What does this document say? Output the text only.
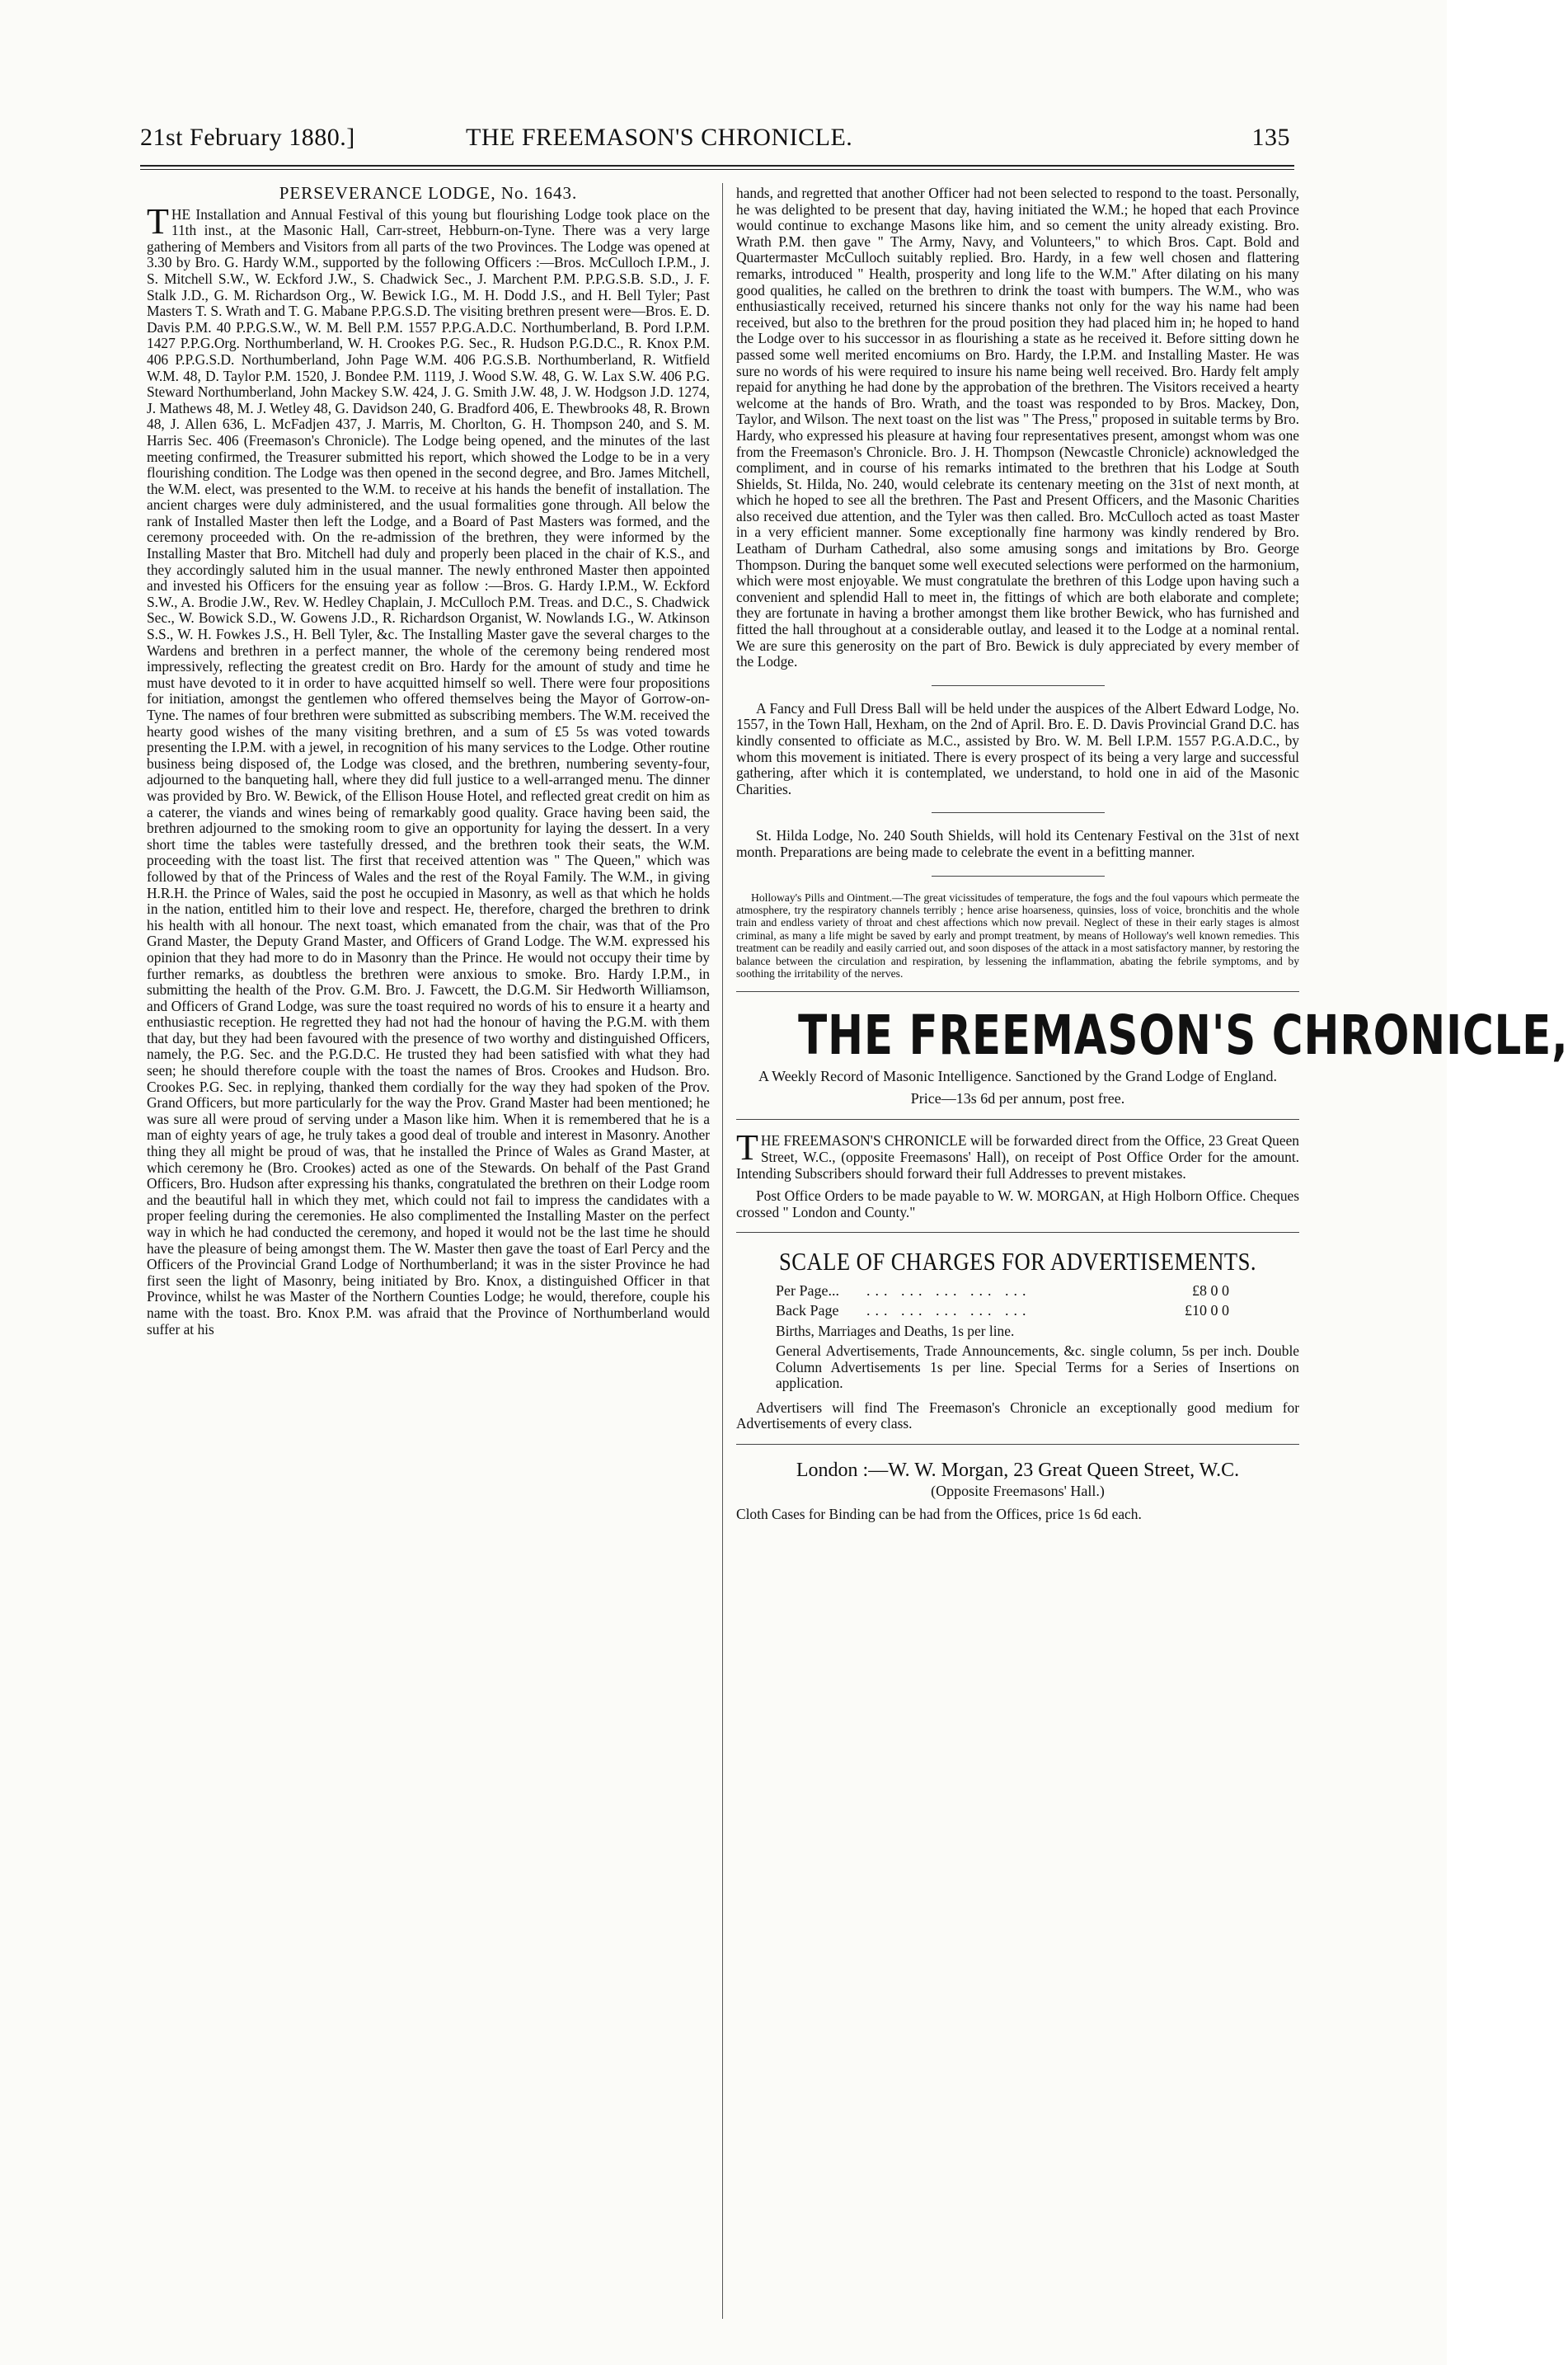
21st February 1880.]	THE FREEMASON'S CHRONICLE.	135

PERSEVERANCE LODGE, No. 1643.

THE Installation and Annual Festival of this young but flourishing Lodge took place on the 11th inst., at the Masonic Hall, Carr-street, Hebburn-on-Tyne. There was a very large gathering of Members and Visitors from all parts of the two Provinces. The Lodge was opened at 3.30 by Bro. G. Hardy W.M., supported by the following Officers :—Bros. McCulloch I.P.M., J. S. Mitchell S.W., W. Eckford J.W., S. Chadwick Sec., J. Marchent P.M. P.P.G.S.B. S.D., J. F. Stalk J.D., G. M. Richardson Org., W. Bewick I.G., M. H. Dodd J.S., and H. Bell Tyler; Past Masters T. S. Wrath and T. G. Mabane P.P.G.S.D. The visiting brethren present were—Bros. E. D. Davis P.M. 40 P.P.G.S.W., W. M. Bell P.M. 1557 P.P.G.A.D.C. Northumberland, B. Pord I.P.M. 1427 P.P.G.Org. Northumberland, W. H. Crookes P.G. Sec., R. Hudson P.G.D.C., R. Knox P.M. 406 P.P.G.S.D. Northumberland, John Page W.M. 406 P.G.S.B. Northumberland, R. Witfield W.M. 48, D. Taylor P.M. 1520, J. Bondee P.M. 1119, J. Wood S.W. 48, G. W. Lax S.W. 406 P.G. Steward Northumberland, John Mackey S.W. 424, J. G. Smith J.W. 48, J. W. Hodgson J.D. 1274, J. Mathews 48, M. J. Wetley 48, G. Davidson 240, G. Bradford 406, E. Thewbrooks 48, R. Brown 48, J. Allen 636, L. McFadjen 437, J. Marris, M. Chorlton, G. H. Thompson 240, and S. M. Harris Sec. 406 (Freemason's Chronicle). The Lodge being opened, and the minutes of the last meeting confirmed, the Treasurer submitted his report, which showed the Lodge to be in a very flourishing condition. The Lodge was then opened in the second degree, and Bro. James Mitchell, the W.M. elect, was presented to the W.M. to receive at his hands the benefit of installation. The ancient charges were duly administered, and the usual formalities gone through. All below the rank of Installed Master then left the Lodge, and a Board of Past Masters was formed, and the ceremony proceeded with. On the re-admission of the brethren, they were informed by the Installing Master that Bro. Mitchell had duly and properly been placed in the chair of K.S., and they accordingly saluted him in the usual manner. The newly enthroned Master then appointed and invested his Officers for the ensuing year as follow :—Bros. G. Hardy I.P.M., W. Eckford S.W., A. Brodie J.W., Rev. W. Hedley Chaplain, J. McCulloch P.M. Treas. and D.C., S. Chadwick Sec., W. Bowick S.D., W. Gowens J.D., R. Richardson Organist, W. Nowlands I.G., W. Atkinson S.S., W. H. Fowkes J.S., H. Bell Tyler, &c. The Installing Master gave the several charges to the Wardens and brethren in a perfect manner, the whole of the ceremony being rendered most impressively, reflecting the greatest credit on Bro. Hardy for the amount of study and time he must have devoted to it in order to have acquitted himself so well. There were four propositions for initiation, amongst the gentlemen who offered themselves being the Mayor of Gorrow-on-Tyne. The names of four brethren were submitted as subscribing members. The W.M. received the hearty good wishes of the many visiting brethren, and a sum of £5 5s was voted towards presenting the I.P.M. with a jewel, in recognition of his many services to the Lodge. Other routine business being disposed of, the Lodge was closed, and the brethren, numbering seventy-four, adjourned to the banqueting hall, where they did full justice to a well-arranged menu. The dinner was provided by Bro. W. Bewick, of the Ellison House Hotel, and reflected great credit on him as a caterer, the viands and wines being of remarkably good quality. Grace having been said, the brethren adjourned to the smoking room to give an opportunity for laying the dessert. In a very short time the tables were tastefully dressed, and the brethren took their seats, the W.M. proceeding with the toast list. The first that received attention was " The Queen," which was followed by that of the Princess of Wales and the rest of the Royal Family. The W.M., in giving H.R.H. the Prince of Wales, said the post he occupied in Masonry, as well as that which he holds in the nation, entitled him to their love and respect. He, therefore, charged the brethren to drink his health with all honour. The next toast, which emanated from the chair, was that of the Pro Grand Master, the Deputy Grand Master, and Officers of Grand Lodge. The W.M. expressed his opinion that they had more to do in Masonry than the Prince. He would not occupy their time by further remarks, as doubtless the brethren were anxious to smoke. Bro. Hardy I.P.M., in submitting the health of the Prov. G.M. Bro. J. Fawcett, the D.G.M. Sir Hedworth Williamson, and Officers of Grand Lodge, was sure the toast required no words of his to ensure it a hearty and enthusiastic reception. He regretted they had not had the honour of having the P.G.M. with them that day, but they had been favoured with the presence of two worthy and distinguished Officers, namely, the P.G. Sec. and the P.G.D.C. He trusted they had been satisfied with what they had seen; he should therefore couple with the toast the names of Bros. Crookes and Hudson. Bro. Crookes P.G. Sec. in replying, thanked them cordially for the way they had spoken of the Prov. Grand Officers, but more particularly for the way the Prov. Grand Master had been mentioned; he was sure all were proud of serving under a Mason like him. When it is remembered that he is a man of eighty years of age, he truly takes a good deal of trouble and interest in Masonry. Another thing they all might be proud of was, that he installed the Prince of Wales as Grand Master, at which ceremony he (Bro. Crookes) acted as one of the Stewards. On behalf of the Past Grand Officers, Bro. Hudson after expressing his thanks, congratulated the brethren on their Lodge room and the beautiful hall in which they met, which could not fail to impress the candidates with a proper feeling during the ceremonies. He also complimented the Installing Master on the perfect way in which he had conducted the ceremony, and hoped it would not be the last time he should have the pleasure of being amongst them. The W. Master then gave the toast of Earl Percy and the Officers of the Provincial Grand Lodge of Northumberland; it was in the sister Province he had first seen the light of Masonry, being initiated by Bro. Knox, a distinguished Officer in that Province, whilst he was Master of the Northern Counties Lodge; he would, therefore, couple his name with the toast. Bro. Knox P.M. was afraid that the Province of Northumberland would suffer at his

hands, and regretted that another Officer had not been selected to respond to the toast. Personally, he was delighted to be present that day, having initiated the W.M.; he hoped that each Province would continue to exchange Masons like him, and so cement the unity already existing. Bro. Wrath P.M. then gave " The Army, Navy, and Volunteers," to which Bros. Capt. Bold and Quartermaster McCulloch suitably replied. Bro. Hardy, in a few well chosen and flattering remarks, introduced " Health, prosperity and long life to the W.M." After dilating on his many good qualities, he called on the brethren to drink the toast with bumpers. The W.M., who was enthusiastically received, returned his sincere thanks not only for the way his name had been received, but also to the brethren for the proud position they had placed him in; he hoped to hand the Lodge over to his successor in as flourishing a state as he received it. Before sitting down he passed some well merited encomiums on Bro. Hardy, the I.P.M. and Installing Master. He was sure no words of his were required to insure his name being well received. Bro. Hardy felt amply repaid for anything he had done by the approbation of the brethren. The Visitors received a hearty welcome at the hands of Bro. Wrath, and the toast was responded to by Bros. Mackey, Don, Taylor, and Wilson. The next toast on the list was " The Press," proposed in suitable terms by Bro. Hardy, who expressed his pleasure at having four representatives present, amongst whom was one from the Freemason's Chronicle. Bro. J. H. Thompson (Newcastle Chronicle) acknowledged the compliment, and in course of his remarks intimated to the brethren that his Lodge at South Shields, St. Hilda, No. 240, would celebrate its centenary meeting on the 31st of next month, at which he hoped to see all the brethren. The Past and Present Officers, and the Masonic Charities also received due attention, and the Tyler was then called. Bro. McCulloch acted as toast Master in a very efficient manner. Some exceptionally fine harmony was kindly rendered by Bro. Leatham of Durham Cathedral, also some amusing songs and imitations by Bro. George Thompson. During the banquet some well executed selections were performed on the harmonium, which were most enjoyable. We must congratulate the brethren of this Lodge upon having such a convenient and splendid Hall to meet in, the fittings of which are both elaborate and complete; they are fortunate in having a brother amongst them like brother Bewick, who has furnished and fitted the hall throughout at a considerable outlay, and leased it to the Lodge at a nominal rental. We are sure this generosity on the part of Bro. Bewick is duly appreciated by every member of the Lodge.

A Fancy and Full Dress Ball will be held under the auspices of the Albert Edward Lodge, No. 1557, in the Town Hall, Hexham, on the 2nd of April. Bro. E. D. Davis Provincial Grand D.C. has kindly consented to officiate as M.C., assisted by Bro. W. M. Bell I.P.M. 1557 P.G.A.D.C., by whom this movement is initiated. There is every prospect of its being a very large and successful gathering, after which it is contemplated, we understand, to hold one in aid of the Masonic Charities.

St. Hilda Lodge, No. 240 South Shields, will hold its Centenary Festival on the 31st of next month. Preparations are being made to celebrate the event in a befitting manner.

Holloway's Pills and Ointment.—The great vicissitudes of temperature, the fogs and the foul vapours which permeate the atmosphere, try the respiratory channels terribly ; hence arise hoarseness, quinsies, loss of voice, bronchitis and the whole train and endless variety of throat and chest affections which now prevail. Neglect of these in their early stages is almost criminal, as many a life might be saved by early and prompt treatment, by means of Holloway's well known remedies. This treatment can be readily and easily carried out, and soon disposes of the attack in a most satisfactory manner, by restoring the balance between the circulation and respiration, by lessening the inflammation, abating the febrile symptoms, and by soothing the irritability of the nerves.

THE FREEMASON'S CHRONICLE,

A Weekly Record of Masonic Intelligence. Sanctioned by the Grand Lodge of England.

Price—13s 6d per annum, post free.

THE FREEMASON'S CHRONICLE will be forwarded direct from the Office, 23 Great Queen Street, W.C., (opposite Freemasons' Hall), on receipt of Post Office Order for the amount. Intending Subscribers should forward their full Addresses to prevent mistakes.

Post Office Orders to be made payable to W. W. MORGAN, at High Holborn Office. Cheques crossed " London and County."

SCALE OF CHARGES FOR ADVERTISEMENTS.
Per Page...	... ... ... ... ...	£8 0 0
Back Page	... ... ... ... ...	£10 0 0

Births, Marriages and Deaths, 1s per line.

General Advertisements, Trade Announcements, &c. single column, 5s per inch. Double Column Advertisements 1s per line. Special Terms for a Series of Insertions on application.

Advertisers will find The Freemason's Chronicle an exceptionally good medium for Advertisements of every class.

London :—W. W. Morgan, 23 Great Queen Street, W.C.

(Opposite Freemasons' Hall.)

Cloth Cases for Binding can be had from the Offices, price 1s 6d each.
